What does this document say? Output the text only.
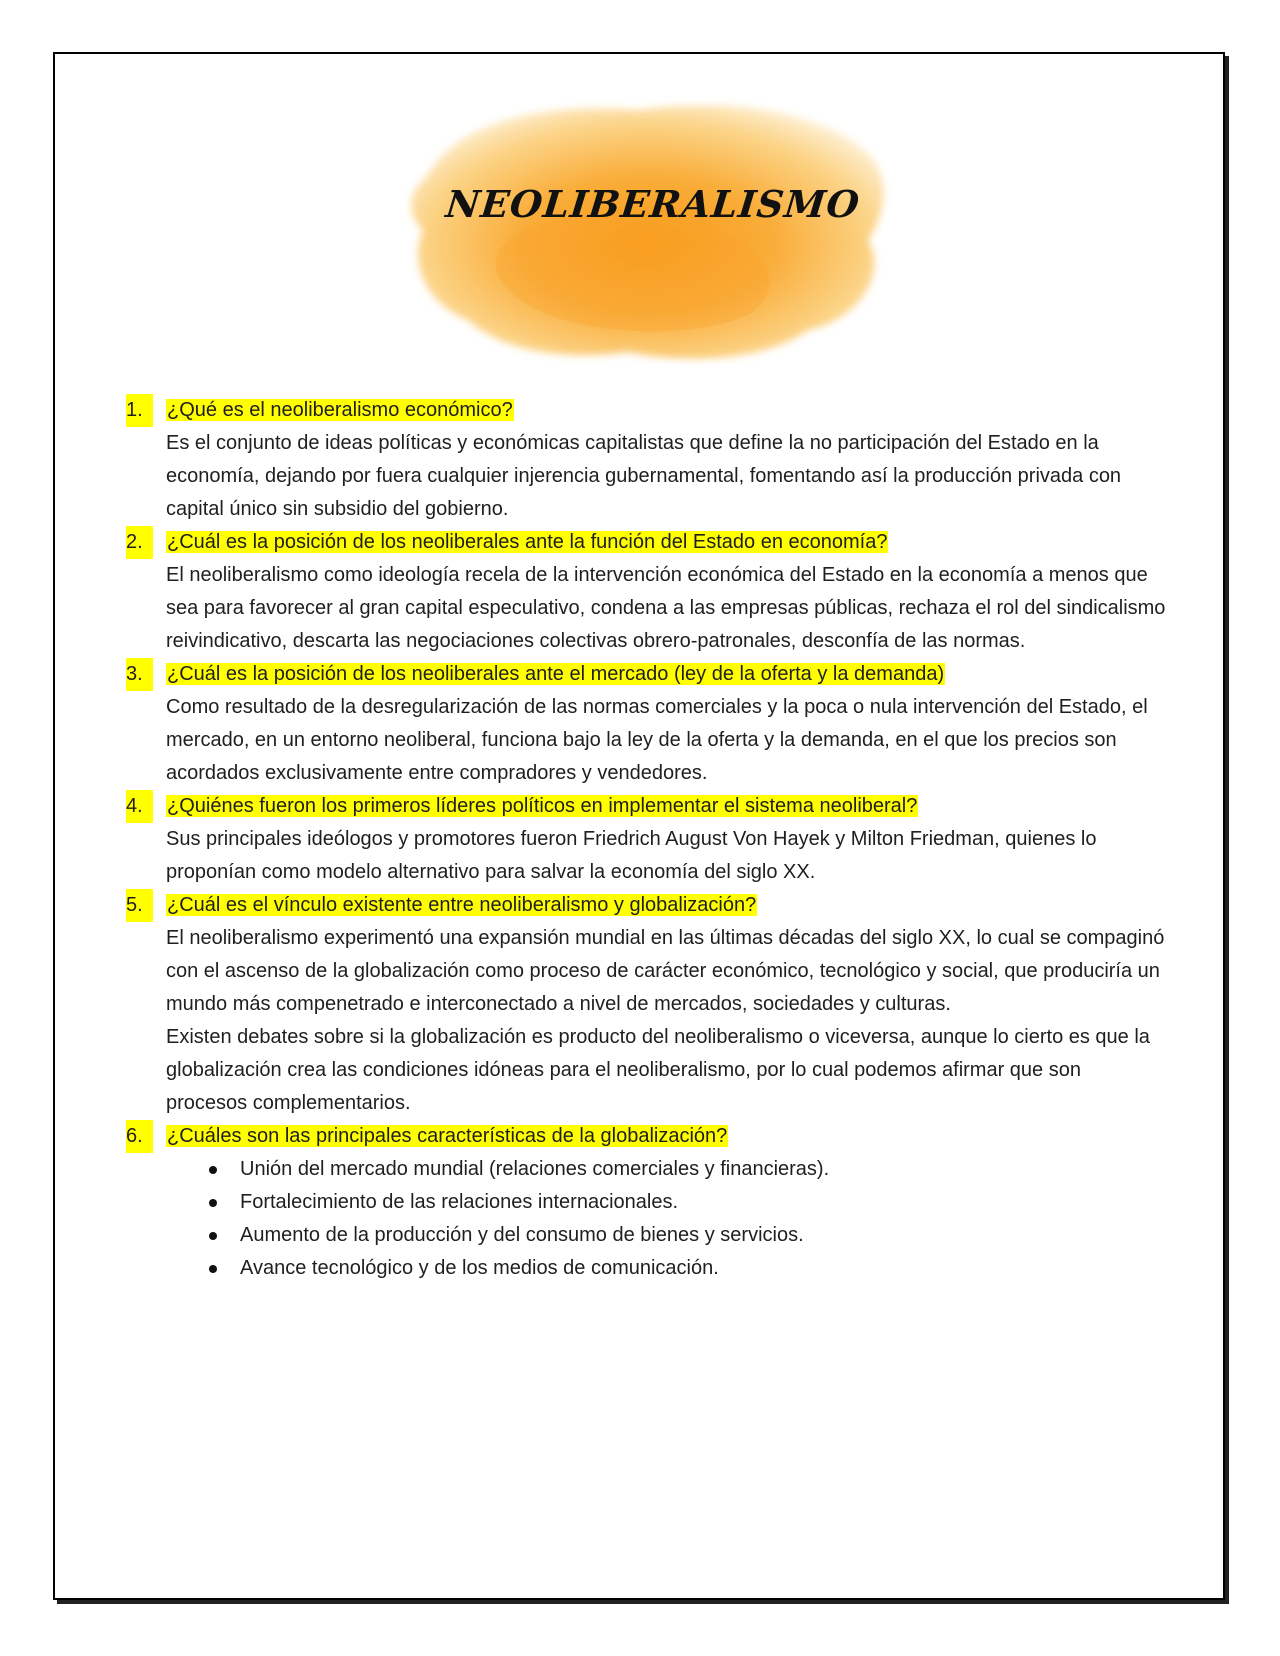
NEOLIBERALISMO
1.	¿Qué es el neoliberalismo económico?

Es el conjunto de ideas políticas y económicas capitalistas que define la no participación del Estado en la economía, dejando por fuera cualquier injerencia gubernamental, fomentando así la producción privada con capital único sin subsidio del gobierno.

2.	¿Cuál es la posición de los neoliberales ante la función del Estado en economía?

El neoliberalismo como ideología recela de la intervención económica del Estado en la economía a menos que sea para favorecer al gran capital especulativo, condena a las empresas públicas, rechaza el rol del sindicalismo reivindicativo, descarta las negociaciones colectivas obrero-patronales, desconfía de las normas.

3.	¿Cuál es la posición de los neoliberales ante el mercado (ley de la oferta y la demanda)

Como resultado de la desregularización de las normas comerciales y la poca o nula intervención del Estado, el mercado, en un entorno neoliberal, funciona bajo la ley de la oferta y la demanda, en el que los precios son acordados exclusivamente entre compradores y vendedores.

4.	¿Quiénes fueron los primeros líderes políticos en implementar el sistema neoliberal?

Sus principales ideólogos y promotores fueron Friedrich August Von Hayek y Milton Friedman, quienes lo proponían como modelo alternativo para salvar la economía del siglo XX.

5.	¿Cuál es el vínculo existente entre neoliberalismo y globalización?

El neoliberalismo experimentó una expansión mundial en las últimas décadas del siglo XX, lo cual se compaginó con el ascenso de la globalización como proceso de carácter económico, tecnológico y social, que produciría un mundo más compenetrado e interconectado a nivel de mercados, sociedades y culturas.

Existen debates sobre si la globalización es producto del neoliberalismo o viceversa, aunque lo cierto es que la globalización crea las condiciones idóneas para el neoliberalismo, por lo cual podemos afirmar que son procesos complementarios.

6.	¿Cuáles son las principales características de la globalización?
Unión del mercado mundial (relaciones comerciales y financieras).
Fortalecimiento de las relaciones internacionales.
Aumento de la producción y del consumo de bienes y servicios.
Avance tecnológico y de los medios de comunicación.
